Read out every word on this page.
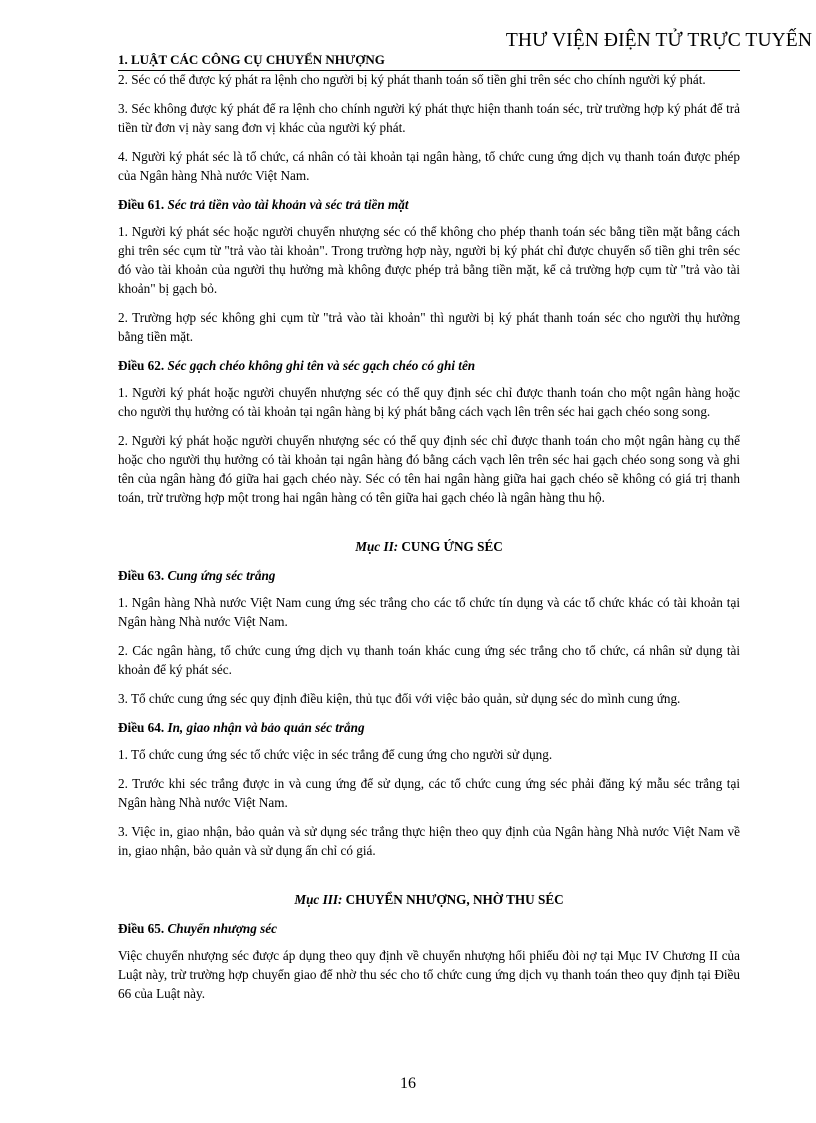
THƯ VIỆN ĐIỆN TỬ TRỰC TUYẾN
1. LUẬT CÁC CÔNG CỤ CHUYỂN NHƯỢNG

2. Séc có thể được ký phát ra lệnh cho người bị ký phát thanh toán số tiền ghi trên séc cho chính người ký phát.

3. Séc không được ký phát để ra lệnh cho chính người ký phát thực hiện thanh toán séc, trừ trường hợp ký phát để trả tiền từ đơn vị này sang đơn vị khác của người ký phát.

4. Người ký phát séc là tổ chức, cá nhân có tài khoản tại ngân hàng, tổ chức cung ứng dịch vụ thanh toán được phép của Ngân hàng Nhà nước Việt Nam.

Điều 61. Séc trả tiền vào tài khoản và séc trả tiền mặt

1. Người ký phát séc hoặc người chuyển nhượng séc có thể không cho phép thanh toán séc bằng tiền mặt bằng cách ghi trên séc cụm từ "trả vào tài khoản". Trong trường hợp này, người bị ký phát chỉ được chuyển số tiền ghi trên séc đó vào tài khoản của người thụ hưởng mà không được phép trả bằng tiền mặt, kể cả trường hợp cụm từ "trả vào tài khoản" bị gạch bỏ.

2. Trường hợp séc không ghi cụm từ "trả vào tài khoản" thì người bị ký phát thanh toán séc cho người thụ hưởng bằng tiền mặt.

Điều 62. Séc gạch chéo không ghi tên và séc gạch chéo có ghi tên

1. Người ký phát hoặc người chuyển nhượng séc có thể quy định séc chỉ được thanh toán cho một ngân hàng hoặc cho người thụ hưởng có tài khoản tại ngân hàng bị ký phát bằng cách vạch lên trên séc hai gạch chéo song song.

2. Người ký phát hoặc người chuyển nhượng séc có thể quy định séc chỉ được thanh toán cho một ngân hàng cụ thể hoặc cho người thụ hưởng có tài khoản tại ngân hàng đó bằng cách vạch lên trên séc hai gạch chéo song song và ghi tên của ngân hàng đó giữa hai gạch chéo này. Séc có tên hai ngân hàng giữa hai gạch chéo sẽ không có giá trị thanh toán, trừ trường hợp một trong hai ngân hàng có tên giữa hai gạch chéo là ngân hàng thu hộ.

Mục II: CUNG ỨNG SÉC
Điều 63. Cung ứng séc trắng

1. Ngân hàng Nhà nước Việt Nam cung ứng séc trắng cho các tổ chức tín dụng và các tổ chức khác có tài khoản tại Ngân hàng Nhà nước Việt Nam.

2. Các ngân hàng, tổ chức cung ứng dịch vụ thanh toán khác cung ứng séc trắng cho tổ chức, cá nhân sử dụng tài khoản để ký phát séc.

3. Tổ chức cung ứng séc quy định điều kiện, thủ tục đối với việc bảo quản, sử dụng séc do mình cung ứng.

Điều 64. In, giao nhận và bảo quản séc trắng

1. Tổ chức cung ứng séc tổ chức việc in séc trắng để cung ứng cho người sử dụng.

2. Trước khi séc trắng được in và cung ứng để sử dụng, các tổ chức cung ứng séc phải đăng ký mẫu séc trắng tại Ngân hàng Nhà nước Việt Nam.

3. Việc in, giao nhận, bảo quản và sử dụng séc trắng thực hiện theo quy định của Ngân hàng Nhà nước Việt Nam về in, giao nhận, bảo quản và sử dụng ấn chỉ có giá.

Mục III: CHUYỂN NHƯỢNG, NHỜ THU SÉC
Điều 65. Chuyển nhượng séc

Việc chuyển nhượng séc được áp dụng theo quy định về chuyển nhượng hối phiếu đòi nợ tại Mục IV Chương II của Luật này, trừ trường hợp chuyển giao để nhờ thu séc cho tổ chức cung ứng dịch vụ thanh toán theo quy định tại Điều 66 của Luật này.

16
